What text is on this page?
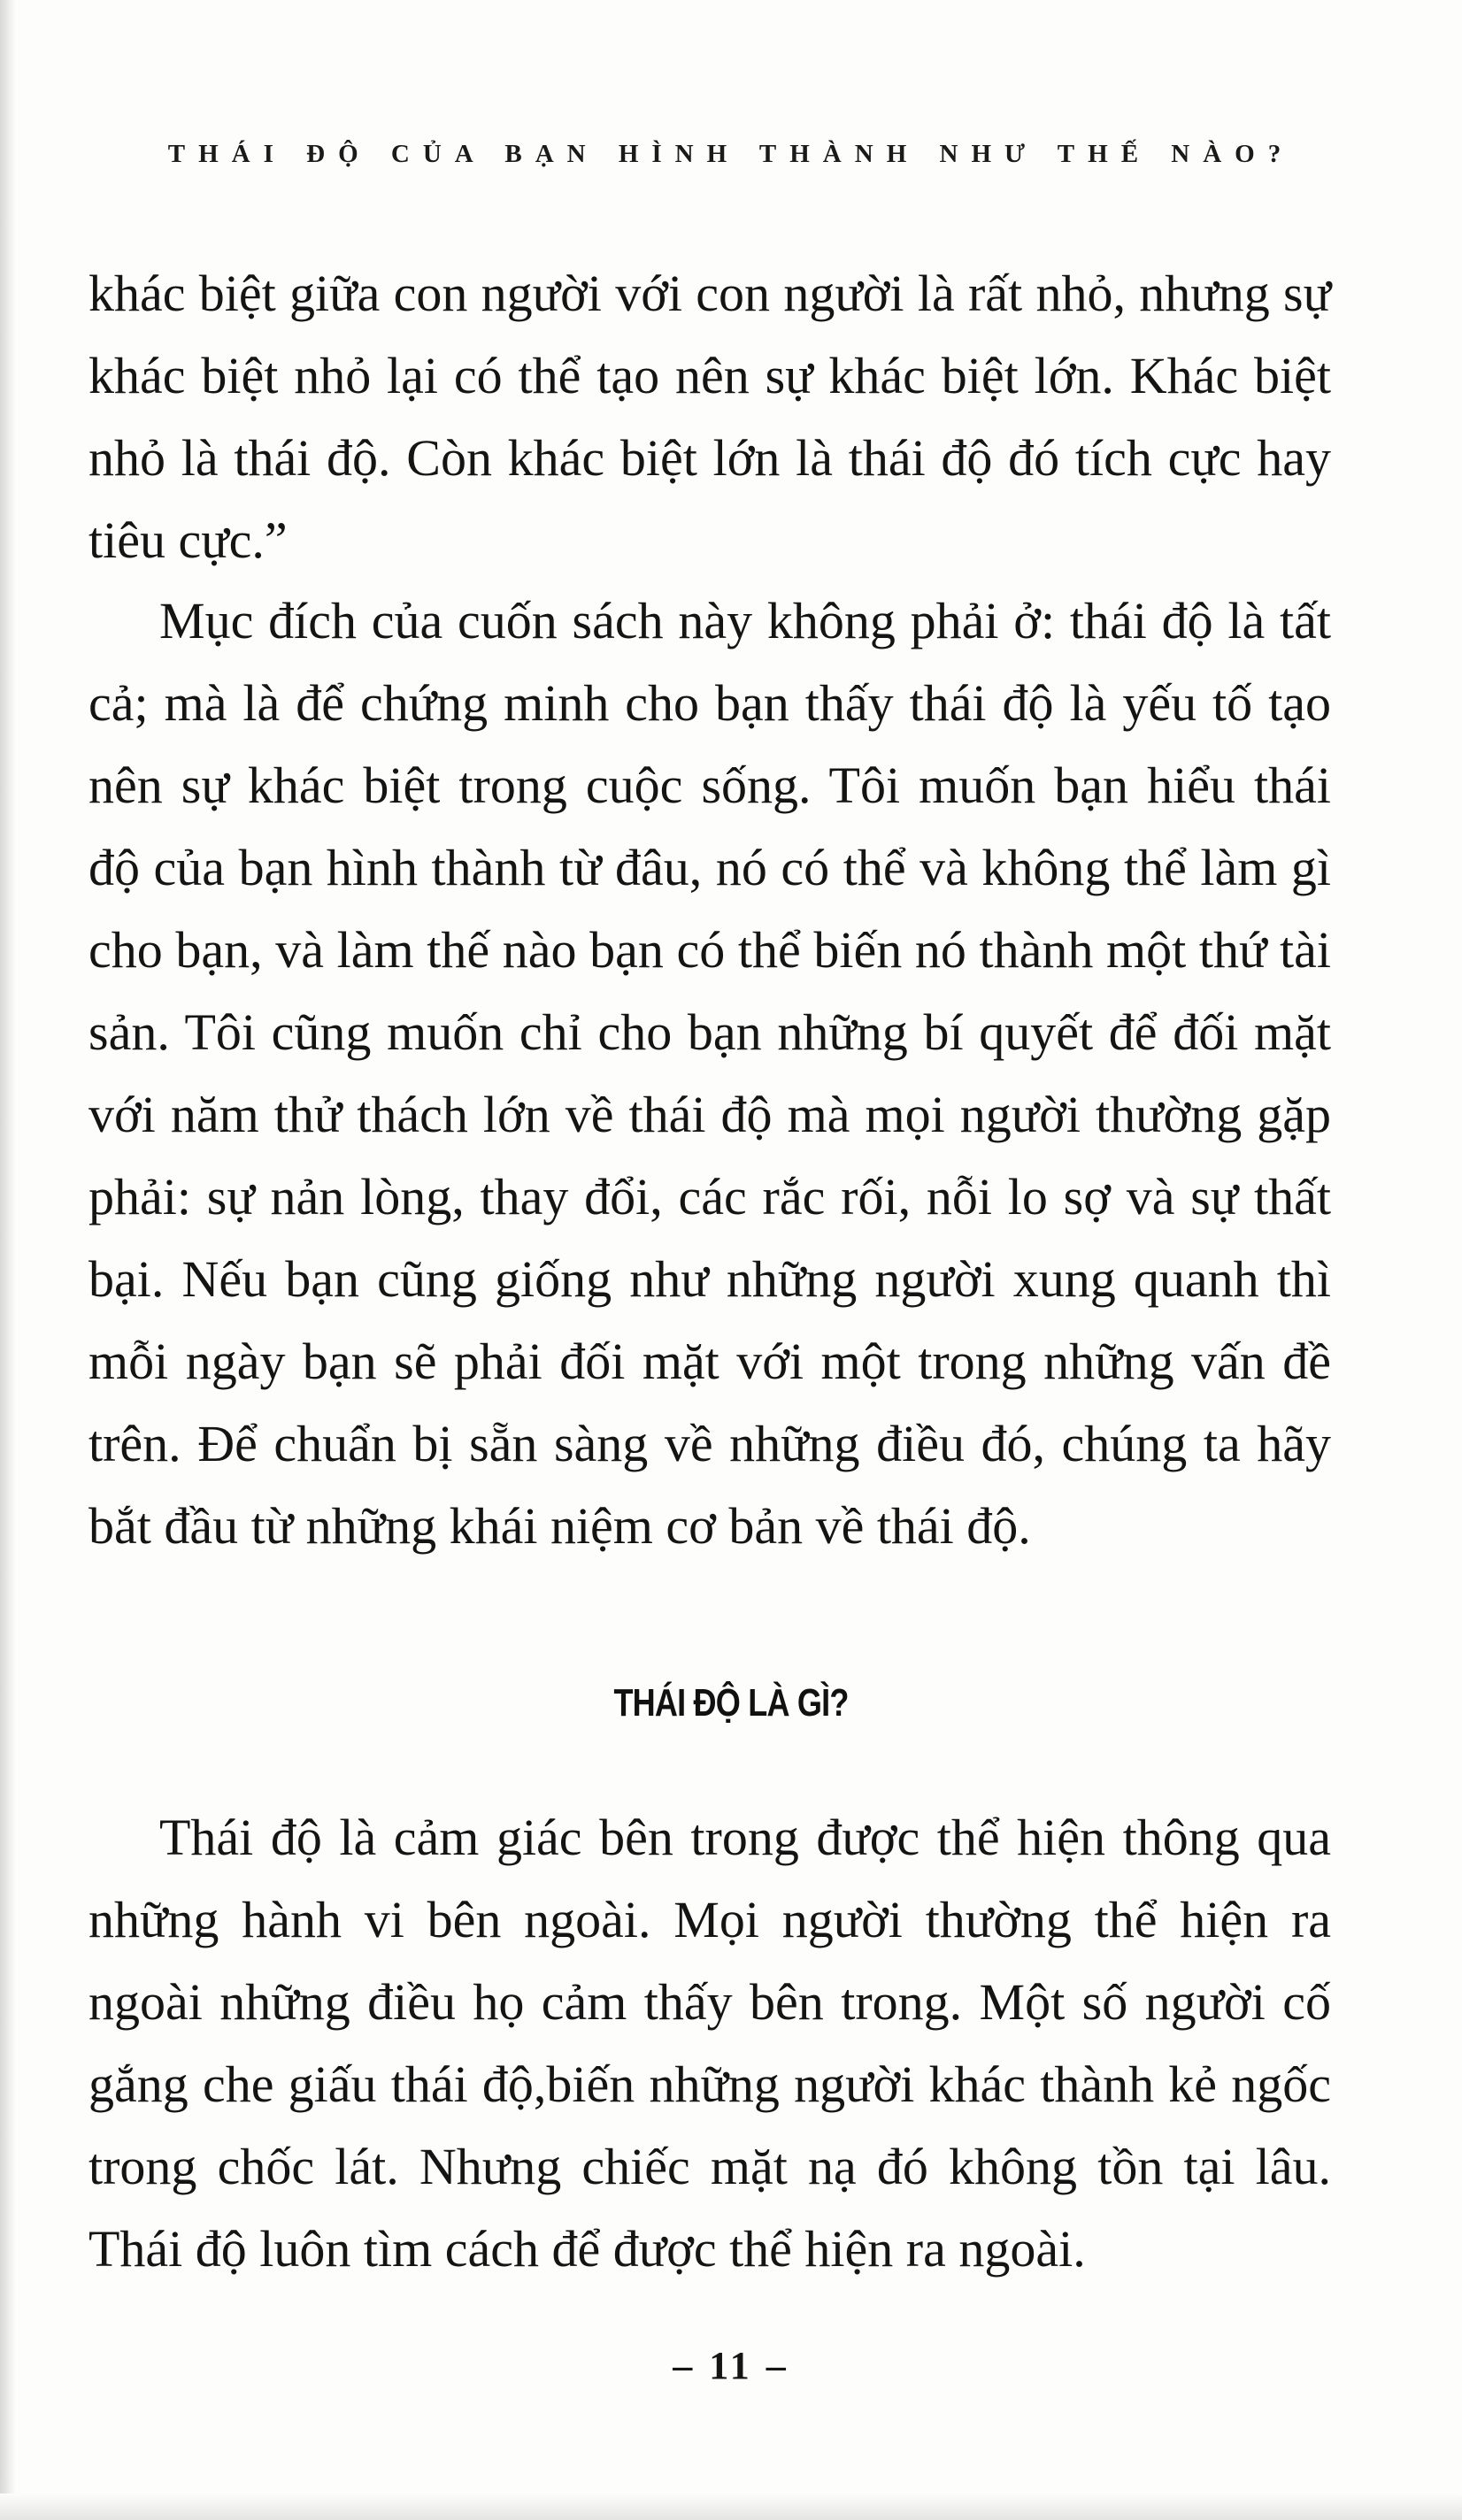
THÁI ĐỘ CỦA BẠN HÌNH THÀNH NHƯ THẾ NÀO?

khác biệt giữa con người với con người là rất nhỏ, nhưng sự khác biệt nhỏ lại có thể tạo nên sự khác biệt lớn. Khác biệt nhỏ là thái độ. Còn khác biệt lớn là thái độ đó tích cực hay tiêu cực.”

Mục đích của cuốn sách này không phải ở: thái độ là tất cả; mà là để chứng minh cho bạn thấy thái độ là yếu tố tạo nên sự khác biệt trong cuộc sống. Tôi muốn bạn hiểu thái độ của bạn hình thành từ đâu, nó có thể và không thể làm gì cho bạn, và làm thế nào bạn có thể biến nó thành một thứ tài sản. Tôi cũng muốn chỉ cho bạn những bí quyết để đối mặt với năm thử thách lớn về thái độ mà mọi người thường gặp phải: sự nản lòng, thay đổi, các rắc rối, nỗi lo sợ và sự thất bại. Nếu bạn cũng giống như những người xung quanh thì mỗi ngày bạn sẽ phải đối mặt với một trong những vấn đề trên. Để chuẩn bị sẵn sàng về những điều đó, chúng ta hãy bắt đầu từ những khái niệm cơ bản về thái độ.

THÁI ĐỘ LÀ GÌ?

Thái độ là cảm giác bên trong được thể hiện thông qua những hành vi bên ngoài. Mọi người thường thể hiện ra ngoài những điều họ cảm thấy bên trong. Một số người cố gắng che giấu thái độ,biến những người khác thành kẻ ngốc trong chốc lát. Nhưng chiếc mặt nạ đó không tồn tại lâu. Thái độ luôn tìm cách để được thể hiện ra ngoài.

– 11 –
